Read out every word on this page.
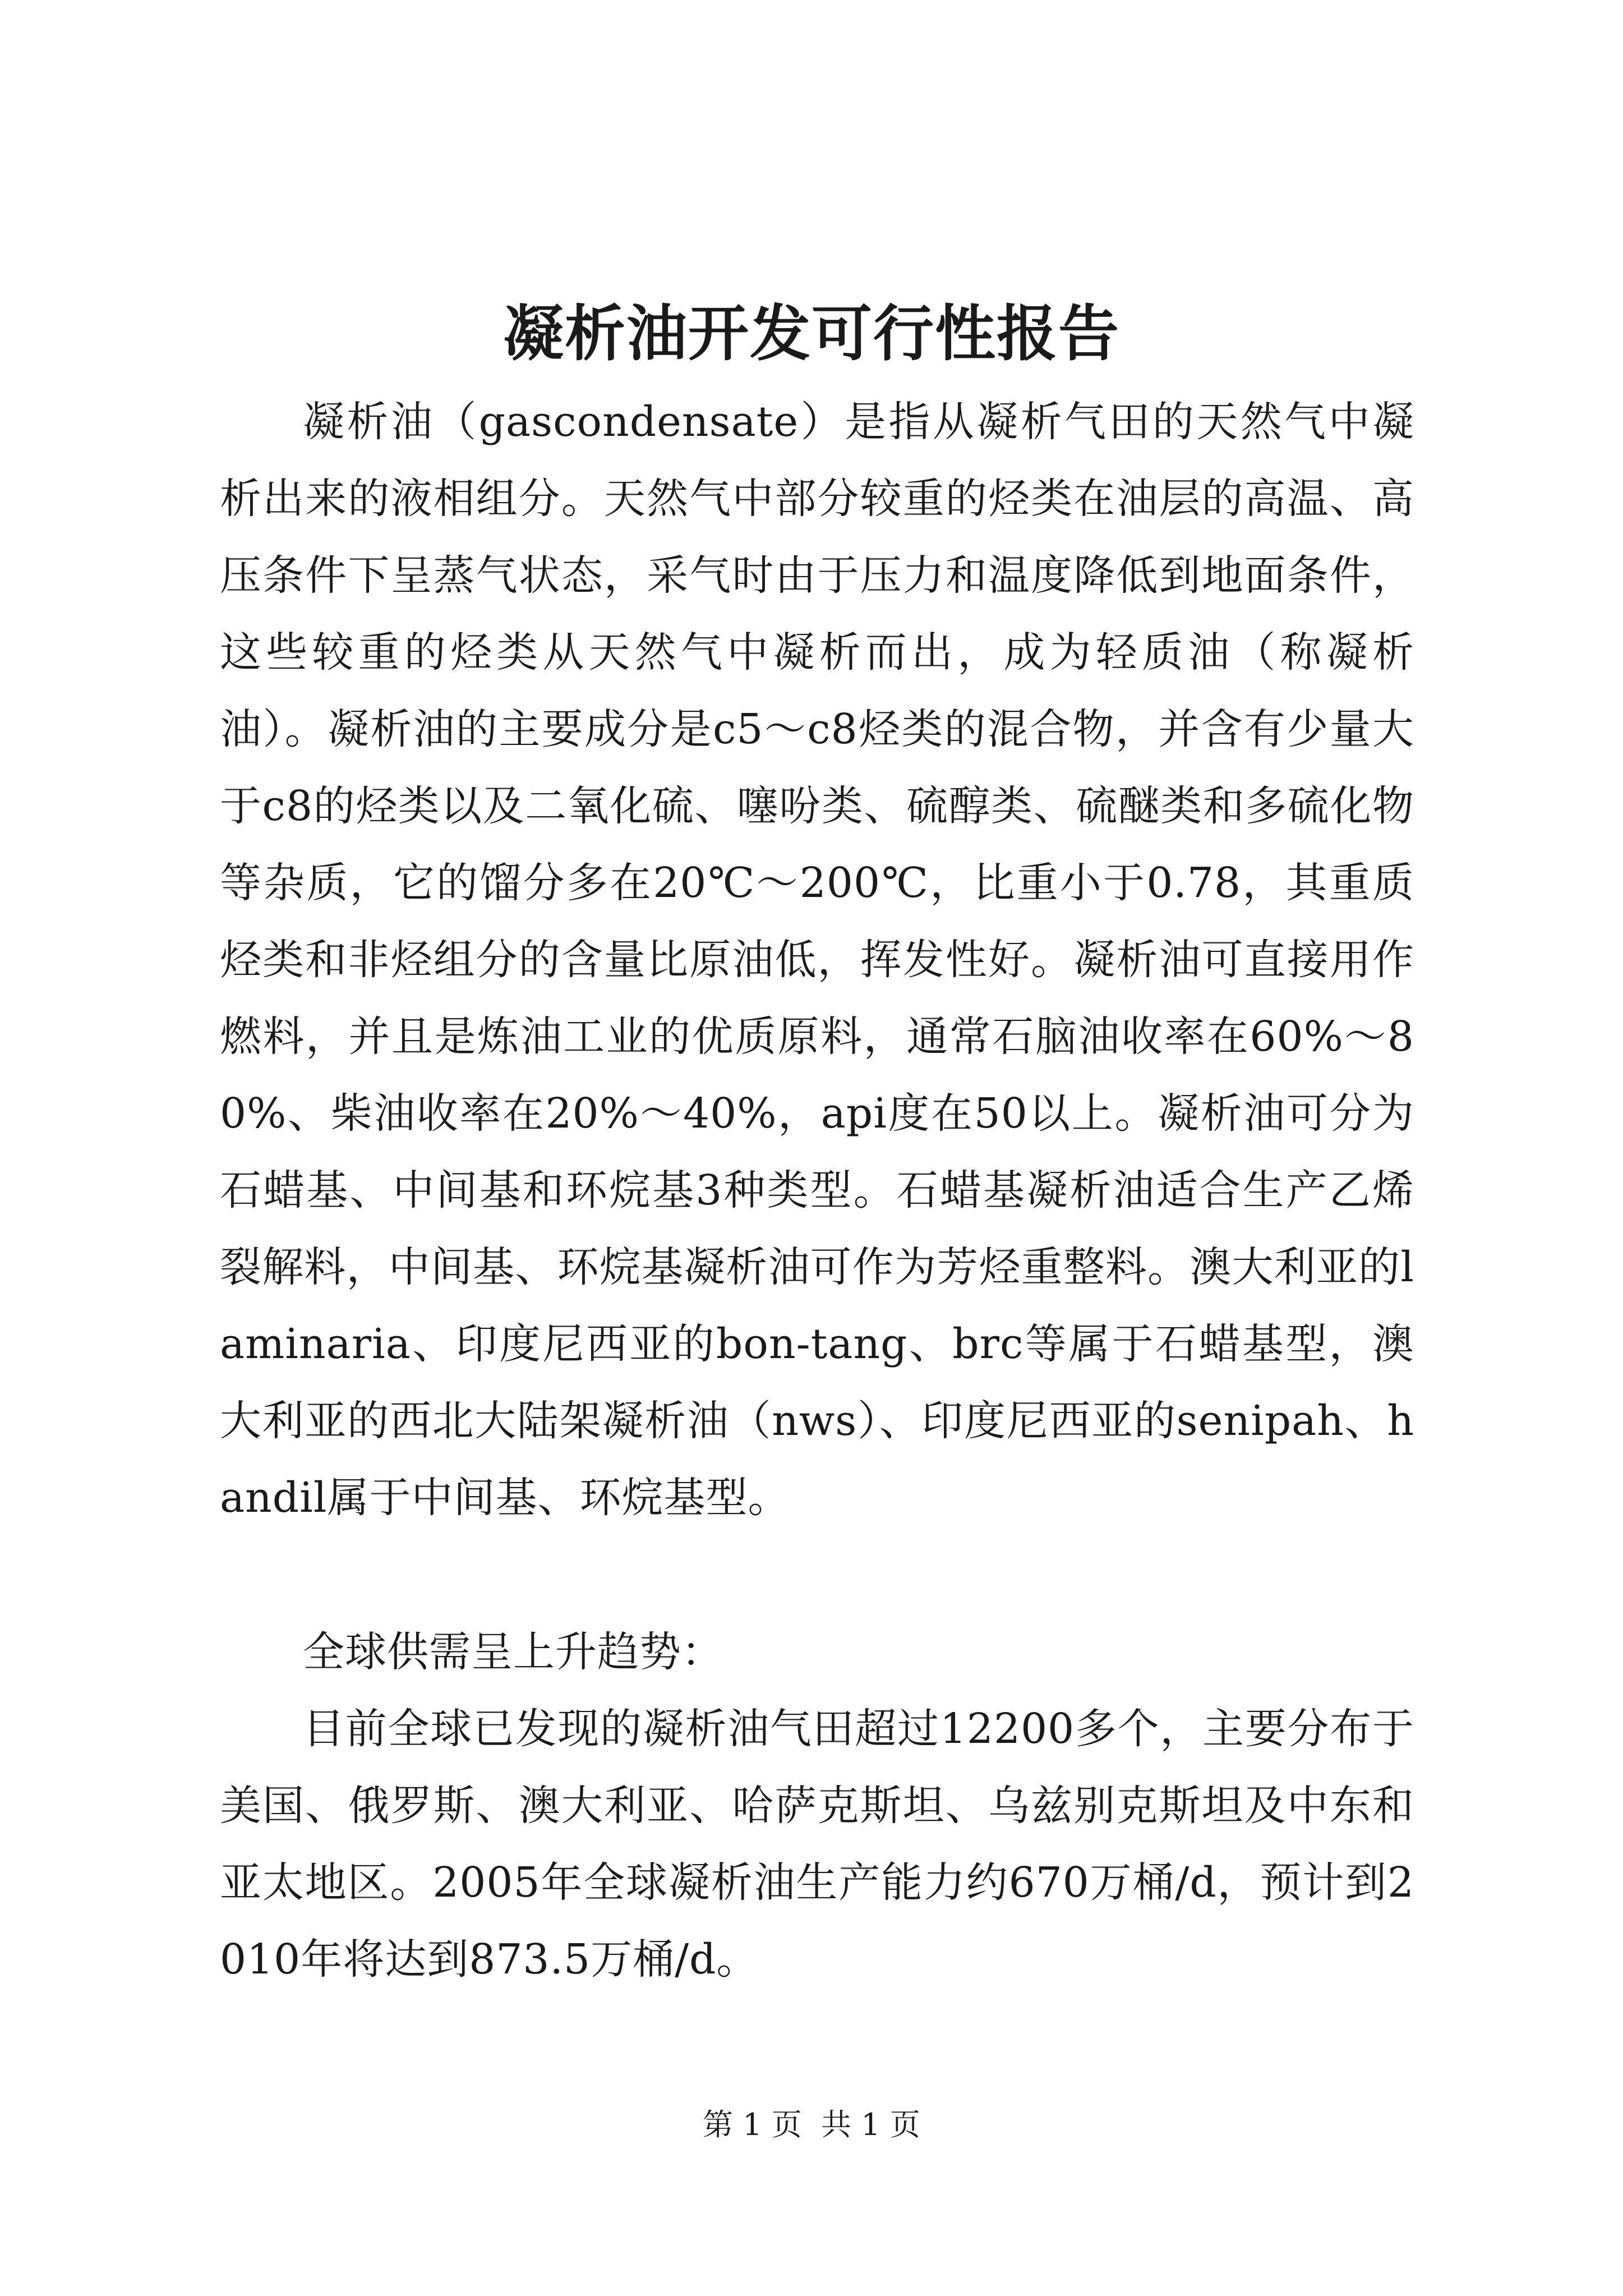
凝析油开发可行性报告

凝析油（gascondensate）是指从凝析气田的天然气中凝析出来的液相组分。天然气中部分较重的烃类在油层的高温、高压条件下呈蒸气状态，采气时由于压力和温度降低到地面条件，这些较重的烃类从天然气中凝析而出，成为轻质油（称凝析油）。凝析油的主要成分是c5～c8烃类的混合物，并含有少量大于c8的烃类以及二氧化硫、噻吩类、硫醇类、硫醚类和多硫化物等杂质，它的馏分多在20℃～200℃，比重小于0.78，其重质烃类和非烃组分的含量比原油低，挥发性好。凝析油可直接用作燃料，并且是炼油工业的优质原料，通常石脑油收率在60%～80%、柴油收率在20%～40%，api度在50以上。凝析油可分为石蜡基、中间基和环烷基3种类型。石蜡基凝析油适合生产乙烯裂解料，中间基、环烷基凝析油可作为芳烃重整料。澳大利亚的laminaria、印度尼西亚的bon-tang、brc等属于石蜡基型，澳大利亚的西北大陆架凝析油（nws）、印度尼西亚的senipah、handil属于中间基、环烷基型。

全球供需呈上升趋势：

目前全球已发现的凝析油气田超过12200多个，主要分布于美国、俄罗斯、澳大利亚、哈萨克斯坦、乌兹别克斯坦及中东和亚太地区。2005年全球凝析油生产能力约670万桶/d，预计到2010年将达到873.5万桶/d。

第 1 页  共 1 页
